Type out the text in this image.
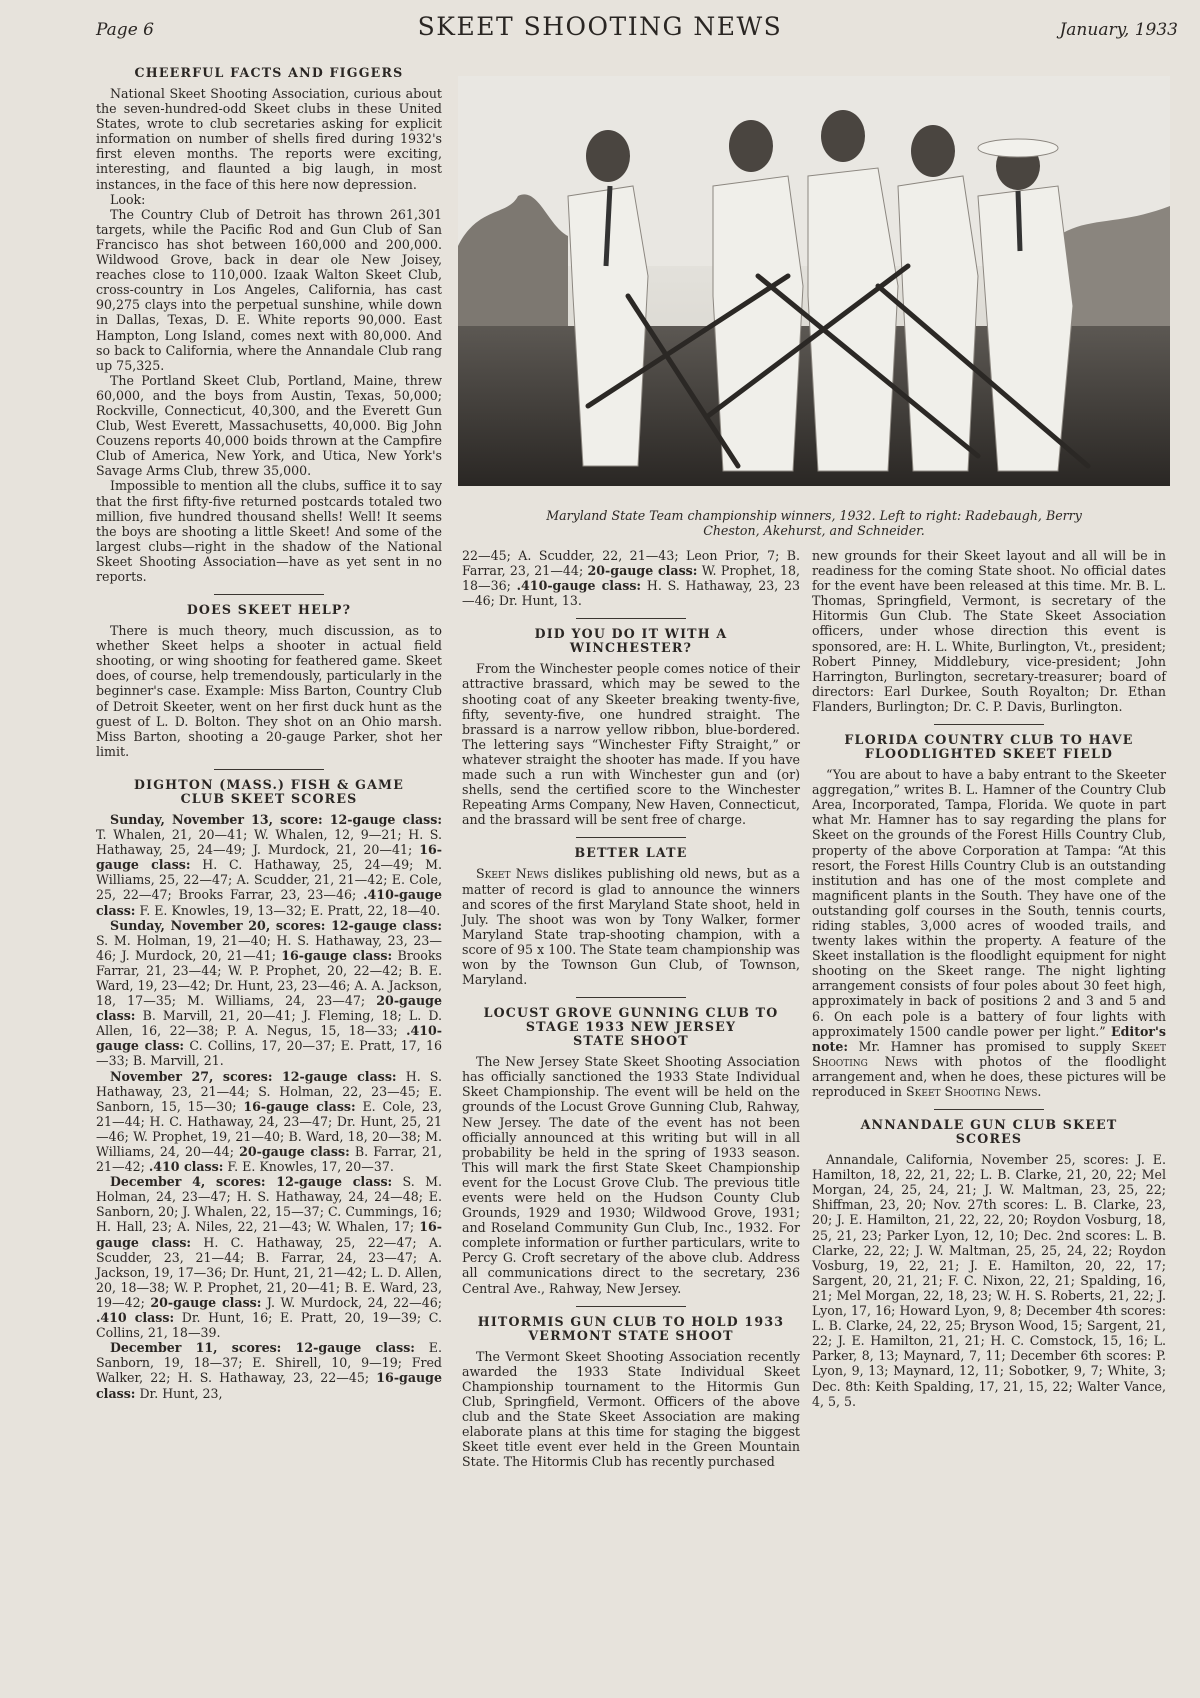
Page 6	SKEET SHOOTING NEWS	January, 1933
CHEERFUL FACTS AND FIGGERS

National Skeet Shooting Association, curious about the seven-hundred-odd Skeet clubs in these United States, wrote to club secretaries asking for explicit information on number of shells fired during 1932's first eleven months. The reports were exciting, interesting, and flaunted a big laugh, in most instances, in the face of this here now depression.

Look:

The Country Club of Detroit has thrown 261,301 targets, while the Pacific Rod and Gun Club of San Francisco has shot between 160,000 and 200,000. Wildwood Grove, back in dear ole New Joisey, reaches close to 110,000. Izaak Walton Skeet Club, cross-country in Los Angeles, California, has cast 90,275 clays into the perpetual sunshine, while down in Dallas, Texas, D. E. White reports 90,000. East Hampton, Long Island, comes next with 80,000. And so back to California, where the Annandale Club rang up 75,325.

The Portland Skeet Club, Portland, Maine, threw 60,000, and the boys from Austin, Texas, 50,000; Rockville, Connecticut, 40,300, and the Everett Gun Club, West Everett, Massachusetts, 40,000. Big John Couzens reports 40,000 boids thrown at the Campfire Club of America, New York, and Utica, New York's Savage Arms Club, threw 35,000.

Impossible to mention all the clubs, suffice it to say that the first fifty-five returned postcards totaled two million, five hundred thousand shells! Well! It seems the boys are shooting a little Skeet! And some of the largest clubs—right in the shadow of the National Skeet Shooting Association—have as yet sent in no reports.

DOES SKEET HELP?

There is much theory, much discussion, as to whether Skeet helps a shooter in actual field shooting, or wing shooting for feathered game. Skeet does, of course, help tremendously, particularly in the beginner's case. Example: Miss Barton, Country Club of Detroit Skeeter, went on her first duck hunt as the guest of L. D. Bolton. They shot on an Ohio marsh. Miss Barton, shooting a 20-gauge Parker, shot her limit.

DIGHTON (MASS.) FISH & GAME
CLUB SKEET SCORES

Sunday, November 13, score: 12-gauge class: T. Whalen, 21, 20—41; W. Whalen, 12, 9—21; H. S. Hathaway, 25, 24—49; J. Murdock, 21, 20—41; 16-gauge class: H. C. Hathaway, 25, 24—49; M. Williams, 25, 22—47; A. Scudder, 21, 21—42; E. Cole, 25, 22—47; Brooks Farrar, 23, 23—46; .410-gauge class: F. E. Knowles, 19, 13—32; E. Pratt, 22, 18—40.

Sunday, November 20, scores: 12-gauge class: S. M. Holman, 19, 21—40; H. S. Hathaway, 23, 23—46; J. Murdock, 20, 21—41; 16-gauge class: Brooks Farrar, 21, 23—44; W. P. Prophet, 20, 22—42; B. E. Ward, 19, 23—42; Dr. Hunt, 23, 23—46; A. A. Jackson, 18, 17—35; M. Williams, 24, 23—47; 20-gauge class: B. Marvill, 21, 20—41; J. Fleming, 18; L. D. Allen, 16, 22—38; P. A. Negus, 15, 18—33; .410-gauge class: C. Collins, 17, 20—37; E. Pratt, 17, 16—33; B. Marvill, 21.

November 27, scores: 12-gauge class: H. S. Hathaway, 23, 21—44; S. Holman, 22, 23—45; E. Sanborn, 15, 15—30; 16-gauge class: E. Cole, 23, 21—44; H. C. Hathaway, 24, 23—47; Dr. Hunt, 25, 21—46; W. Prophet, 19, 21—40; B. Ward, 18, 20—38; M. Williams, 24, 20—44; 20-gauge class: B. Farrar, 21, 21—42; .410 class: F. E. Knowles, 17, 20—37.

December 4, scores: 12-gauge class: S. M. Holman, 24, 23—47; H. S. Hathaway, 24, 24—48; E. Sanborn, 20; J. Whalen, 22, 15—37; C. Cummings, 16; H. Hall, 23; A. Niles, 22, 21—43; W. Whalen, 17; 16-gauge class: H. C. Hathaway, 25, 22—47; A. Scudder, 23, 21—44; B. Farrar, 24, 23—47; A. Jackson, 19, 17—36; Dr. Hunt, 21, 21—42; L. D. Allen, 20, 18—38; W. P. Prophet, 21, 20—41; B. E. Ward, 23, 19—42; 20-gauge class: J. W. Murdock, 24, 22—46; .410 class: Dr. Hunt, 16; E. Pratt, 20, 19—39; C. Collins, 21, 18—39.

December 11, scores: 12-gauge class: E. Sanborn, 19, 18—37; E. Shirell, 10, 9—19; Fred Walker, 22; H. S. Hathaway, 23, 22—45; 16-gauge class: Dr. Hunt, 23,

Maryland State Team championship winners, 1932. Left to right: Radebaugh, Berry
Cheston, Akehurst, and Schneider.

22—45; A. Scudder, 22, 21—43; Leon Prior, 7; B. Farrar, 23, 21—44; 20-gauge class: W. Prophet, 18, 18—36; .410-gauge class: H. S. Hathaway, 23, 23—46; Dr. Hunt, 13.

DID YOU DO IT WITH A
WINCHESTER?

From the Winchester people comes notice of their attractive brassard, which may be sewed to the shooting coat of any Skeeter breaking twenty-five, fifty, seventy-five, one hundred straight. The brassard is a narrow yellow ribbon, blue-bordered. The lettering says “Winchester Fifty Straight,” or whatever straight the shooter has made. If you have made such a run with Winchester gun and (or) shells, send the certified score to the Winchester Repeating Arms Company, New Haven, Connecticut, and the brassard will be sent free of charge.

BETTER LATE

Skeet News dislikes publishing old news, but as a matter of record is glad to announce the winners and scores of the first Maryland State shoot, held in July. The shoot was won by Tony Walker, former Maryland State trap-shooting champion, with a score of 95 x 100. The State team championship was won by the Townson Gun Club, of Townson, Maryland.

LOCUST GROVE GUNNING CLUB TO
STAGE 1933 NEW JERSEY
STATE SHOOT

The New Jersey State Skeet Shooting Association has officially sanctioned the 1933 State Individual Skeet Championship. The event will be held on the grounds of the Locust Grove Gunning Club, Rahway, New Jersey. The date of the event has not been officially announced at this writing but will in all probability be held in the spring of 1933 season. This will mark the first State Skeet Championship event for the Locust Grove Club. The previous title events were held on the Hudson County Club Grounds, 1929 and 1930; Wildwood Grove, 1931; and Roseland Community Gun Club, Inc., 1932. For complete information or further particulars, write to Percy G. Croft secretary of the above club. Address all communications direct to the secretary, 236 Central Ave., Rahway, New Jersey.

HITORMIS GUN CLUB TO HOLD 1933
VERMONT STATE SHOOT

The Vermont Skeet Shooting Association recently awarded the 1933 State Individual Skeet Championship tournament to the Hitormis Gun Club, Springfield, Vermont. Officers of the above club and the State Skeet Association are making elaborate plans at this time for staging the biggest Skeet title event ever held in the Green Mountain State. The Hitormis Club has recently purchased

new grounds for their Skeet layout and all will be in readiness for the coming State shoot. No official dates for the event have been released at this time. Mr. B. L. Thomas, Springfield, Vermont, is secretary of the Hitormis Gun Club. The State Skeet Association officers, under whose direction this event is sponsored, are: H. L. White, Burlington, Vt., president; Robert Pinney, Middlebury, vice-president; John Harrington, Burlington, secretary-treasurer; board of directors: Earl Durkee, South Royalton; Dr. Ethan Flanders, Burlington; Dr. C. P. Davis, Burlington.

FLORIDA COUNTRY CLUB TO HAVE
FLOODLIGHTED SKEET FIELD

“You are about to have a baby entrant to the Skeeter aggregation,” writes B. L. Hamner of the Country Club Area, Incorporated, Tampa, Florida. We quote in part what Mr. Hamner has to say regarding the plans for Skeet on the grounds of the Forest Hills Country Club, property of the above Corporation at Tampa: “At this resort, the Forest Hills Country Club is an outstanding institution and has one of the most complete and magnificent plants in the South. They have one of the outstanding golf courses in the South, tennis courts, riding stables, 3,000 acres of wooded trails, and twenty lakes within the property. A feature of the Skeet installation is the floodlight equipment for night shooting on the Skeet range. The night lighting arrangement consists of four poles about 30 feet high, approximately in back of positions 2 and 3 and 5 and 6. On each pole is a battery of four lights with approximately 1500 candle power per light.” Editor's note: Mr. Hamner has promised to supply Skeet Shooting News with photos of the floodlight arrangement and, when he does, these pictures will be reproduced in Skeet Shooting News.

ANNANDALE GUN CLUB SKEET
SCORES

Annandale, California, November 25, scores: J. E. Hamilton, 18, 22, 21, 22; L. B. Clarke, 21, 20, 22; Mel Morgan, 24, 25, 24, 21; J. W. Maltman, 23, 25, 22; Shiffman, 23, 20; Nov. 27th scores: L. B. Clarke, 23, 20; J. E. Hamilton, 21, 22, 22, 20; Roydon Vosburg, 18, 25, 21, 23; Parker Lyon, 12, 10; Dec. 2nd scores: L. B. Clarke, 22, 22; J. W. Maltman, 25, 25, 24, 22; Roydon Vosburg, 19, 22, 21; J. E. Hamilton, 20, 22, 17; Sargent, 20, 21, 21; F. C. Nixon, 22, 21; Spalding, 16, 21; Mel Morgan, 22, 18, 23; W. H. S. Roberts, 21, 22; J. Lyon, 17, 16; Howard Lyon, 9, 8; December 4th scores: L. B. Clarke, 24, 22, 25; Bryson Wood, 15; Sargent, 21, 22; J. E. Hamilton, 21, 21; H. C. Comstock, 15, 16; L. Parker, 8, 13; Maynard, 7, 11; December 6th scores: P. Lyon, 9, 13; Maynard, 12, 11; Sobotker, 9, 7; White, 3; Dec. 8th: Keith Spalding, 17, 21, 15, 22; Walter Vance, 4, 5, 5.
